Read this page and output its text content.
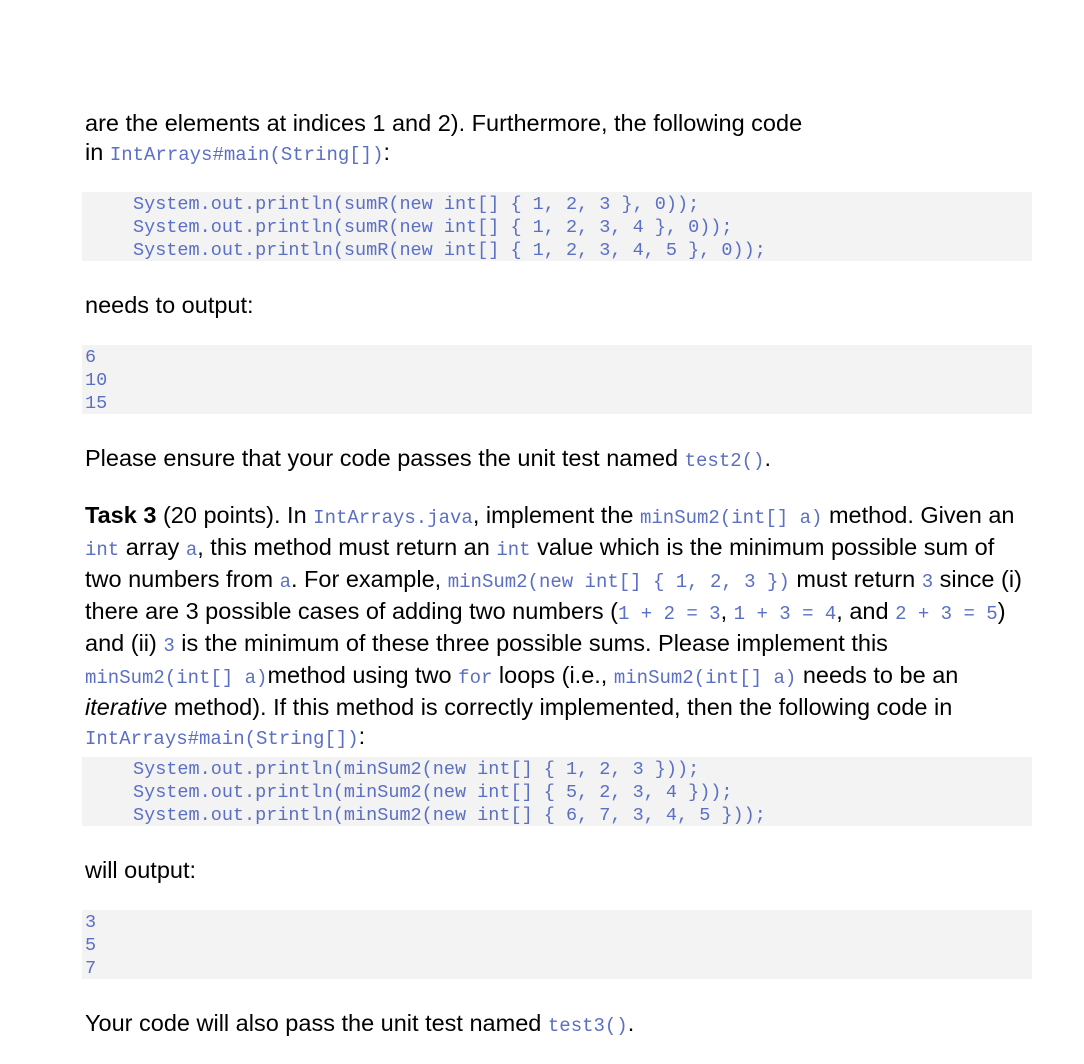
are the elements at indices 1 and 2). Furthermore, the following code
in IntArrays#main(String[]):
System.out.println(sumR(new int[] { 1, 2, 3 }, 0));
System.out.println(sumR(new int[] { 1, 2, 3, 4 }, 0));
System.out.println(sumR(new int[] { 1, 2, 3, 4, 5 }, 0));
needs to output:
6
10
15
Please ensure that your code passes the unit test named test2().
Task 3 (20 points). In IntArrays.java, implement the minSum2(int[] a) method. Given an int array a, this method must return an int value which is the minimum possible sum of two numbers from a. For example, minSum2(new int[] { 1, 2, 3 }) must return 3 since (i) there are 3 possible cases of adding two numbers (1 + 2 = 3, 1 + 3 = 4, and 2 + 3 = 5) and (ii) 3 is the minimum of these three possible sums. Please implement this minSum2(int[] a)method using two for loops (i.e., minSum2(int[] a) needs to be an iterative method). If this method is correctly implemented, then the following code in IntArrays#main(String[]):
System.out.println(minSum2(new int[] { 1, 2, 3 }));
System.out.println(minSum2(new int[] { 5, 2, 3, 4 }));
System.out.println(minSum2(new int[] { 6, 7, 3, 4, 5 }));
will output:
3
5
7
Your code will also pass the unit test named test3().
